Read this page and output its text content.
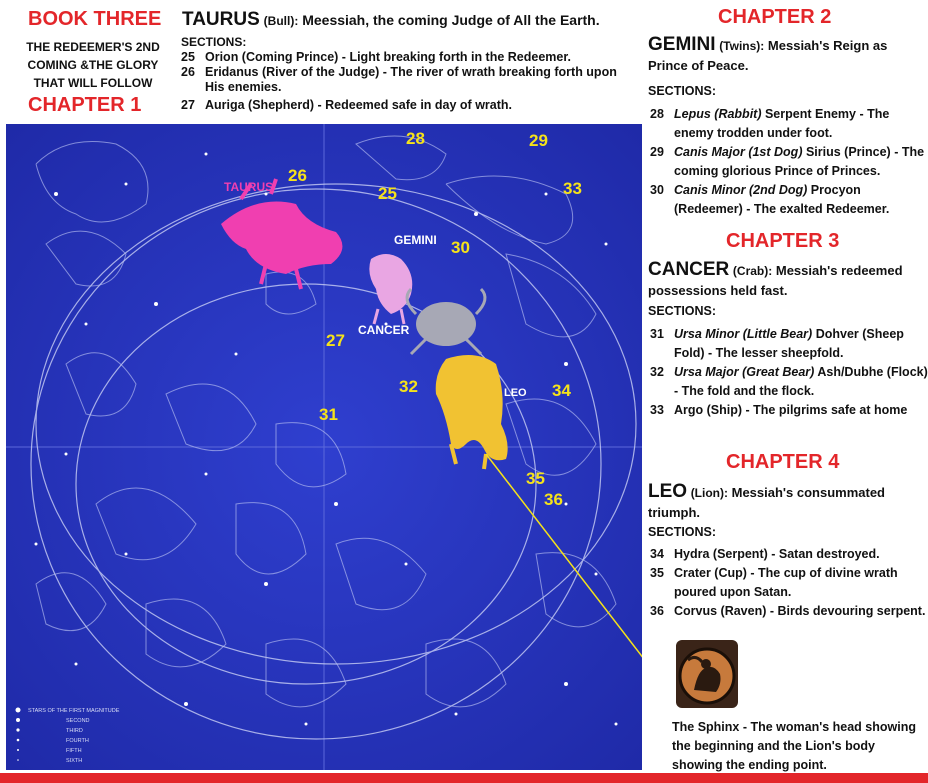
BOOK THREE
THE REDEEMER'S 2ND
COMING &THE GLORY
THAT WILL FOLLOW
CHAPTER 1
TAURUS (Bull): Meessiah, the coming Judge of All the Earth.
SECTIONS:
25 Orion (Coming Prince) - Light breaking forth in the Redeemer.
26 Eridanus (River of the Judge) - The river of wrath breaking forth upon His enemies.
27 Auriga (Shepherd) - Redeemed safe in day of wrath.
CHAPTER 2
GEMINI (Twins): Messiah's Reign as Prince of Peace.
SECTIONS:
28 Lepus (Rabbit) Serpent Enemy - The enemy trodden under foot.
29 Canis Major (1st Dog) Sirius (Prince) - The coming glorious Prince of Princes.
30 Canis Minor (2nd Dog) Procyon (Redeemer) - The exalted Redeemer.
CHAPTER 3
CANCER (Crab): Messiah's redeemed possessions held fast.
SECTIONS:
31 Ursa Minor (Little Bear) Dohver (Sheep Fold) - The lesser sheepfold.
32 Ursa Major (Great Bear) Ash/Dubhe (Flock) - The fold and the flock.
33 Argo (Ship) - The pilgrims safe at home
CHAPTER 4
LEO (Lion): Messiah's consummated triumph.
SECTIONS:
34 Hydra (Serpent) - Satan destroyed.
35 Crater (Cup) - The cup of divine wrath poured upon Satan.
36 Corvus (Raven) - Birds devouring serpent.
The Sphinx - The woman's head showing the beginning and the Lion's body showing the ending point.
TAURUS
GEMINI
CANCER
LEO
25
26
27
28	29
30
31
32
33
34
35
36
STARS OF THE FIRST MAGNITUDE
SECOND
THIRD
FOURTH
FIFTH
SIXTH
